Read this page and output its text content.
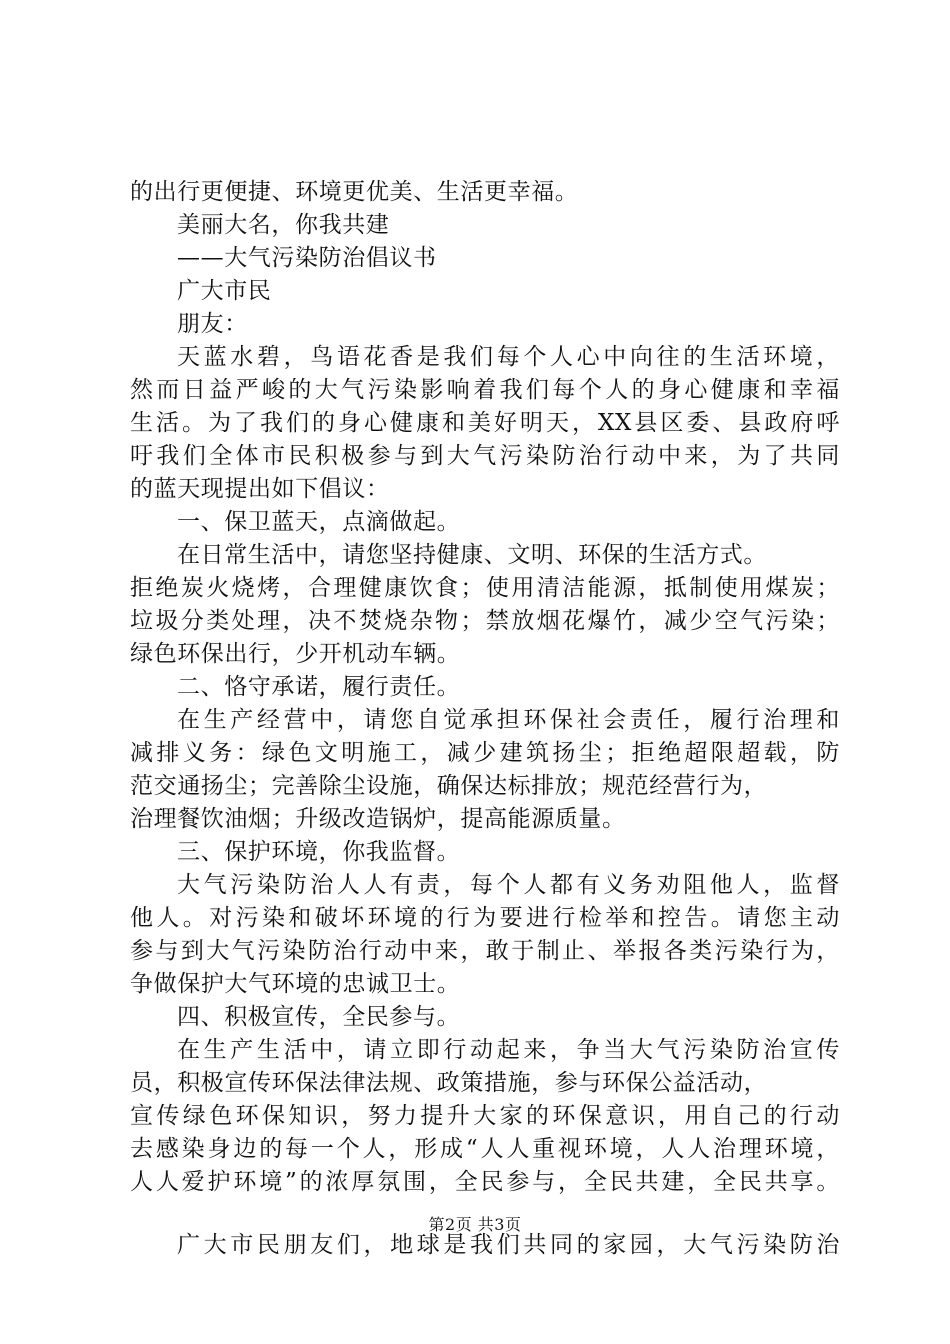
的出行更便捷、环境更优美、生活更幸福。
美丽大名，你我共建
——大气污染防治倡议书
广大市民
朋友：
天蓝水碧，鸟语花香是我们每个人心中向往的生活环境，
然而日益严峻的大气污染影响着我们每个人的身心健康和幸福
生活。为了我们的身心健康和美好明天，XX县区委、县政府呼
吁我们全体市民积极参与到大气污染防治行动中来，为了共同
的蓝天现提出如下倡议：
一、保卫蓝天，点滴做起。
在日常生活中，请您坚持健康、文明、环保的生活方式。
拒绝炭火烧烤，合理健康饮食；使用清洁能源，抵制使用煤炭；
垃圾分类处理，决不焚烧杂物；禁放烟花爆竹，减少空气污染；
绿色环保出行，少开机动车辆。
二、恪守承诺，履行责任。
在生产经营中，请您自觉承担环保社会责任，履行治理和
减排义务：绿色文明施工，减少建筑扬尘；拒绝超限超载，防
范交通扬尘；完善除尘设施，确保达标排放；规范经营行为，
治理餐饮油烟；升级改造锅炉，提高能源质量。
三、保护环境，你我监督。
大气污染防治人人有责，每个人都有义务劝阻他人，监督
他人。对污染和破坏环境的行为要进行检举和控告。请您主动
参与到大气污染防治行动中来，敢于制止、举报各类污染行为，
争做保护大气环境的忠诚卫士。
四、积极宣传，全民参与。
在生产生活中，请立即行动起来，争当大气污染防治宣传
员，积极宣传环保法律法规、政策措施，参与环保公益活动，
宣传绿色环保知识，努力提升大家的环保意识，用自己的行动
去感染身边的每一个人，形成“人人重视环境，人人治理环境，
人人爱护环境”的浓厚氛围，全民参与，全民共建，全民共享。
广大市民朋友们，地球是我们共同的家园，大气污染防治
第2页 共3页
